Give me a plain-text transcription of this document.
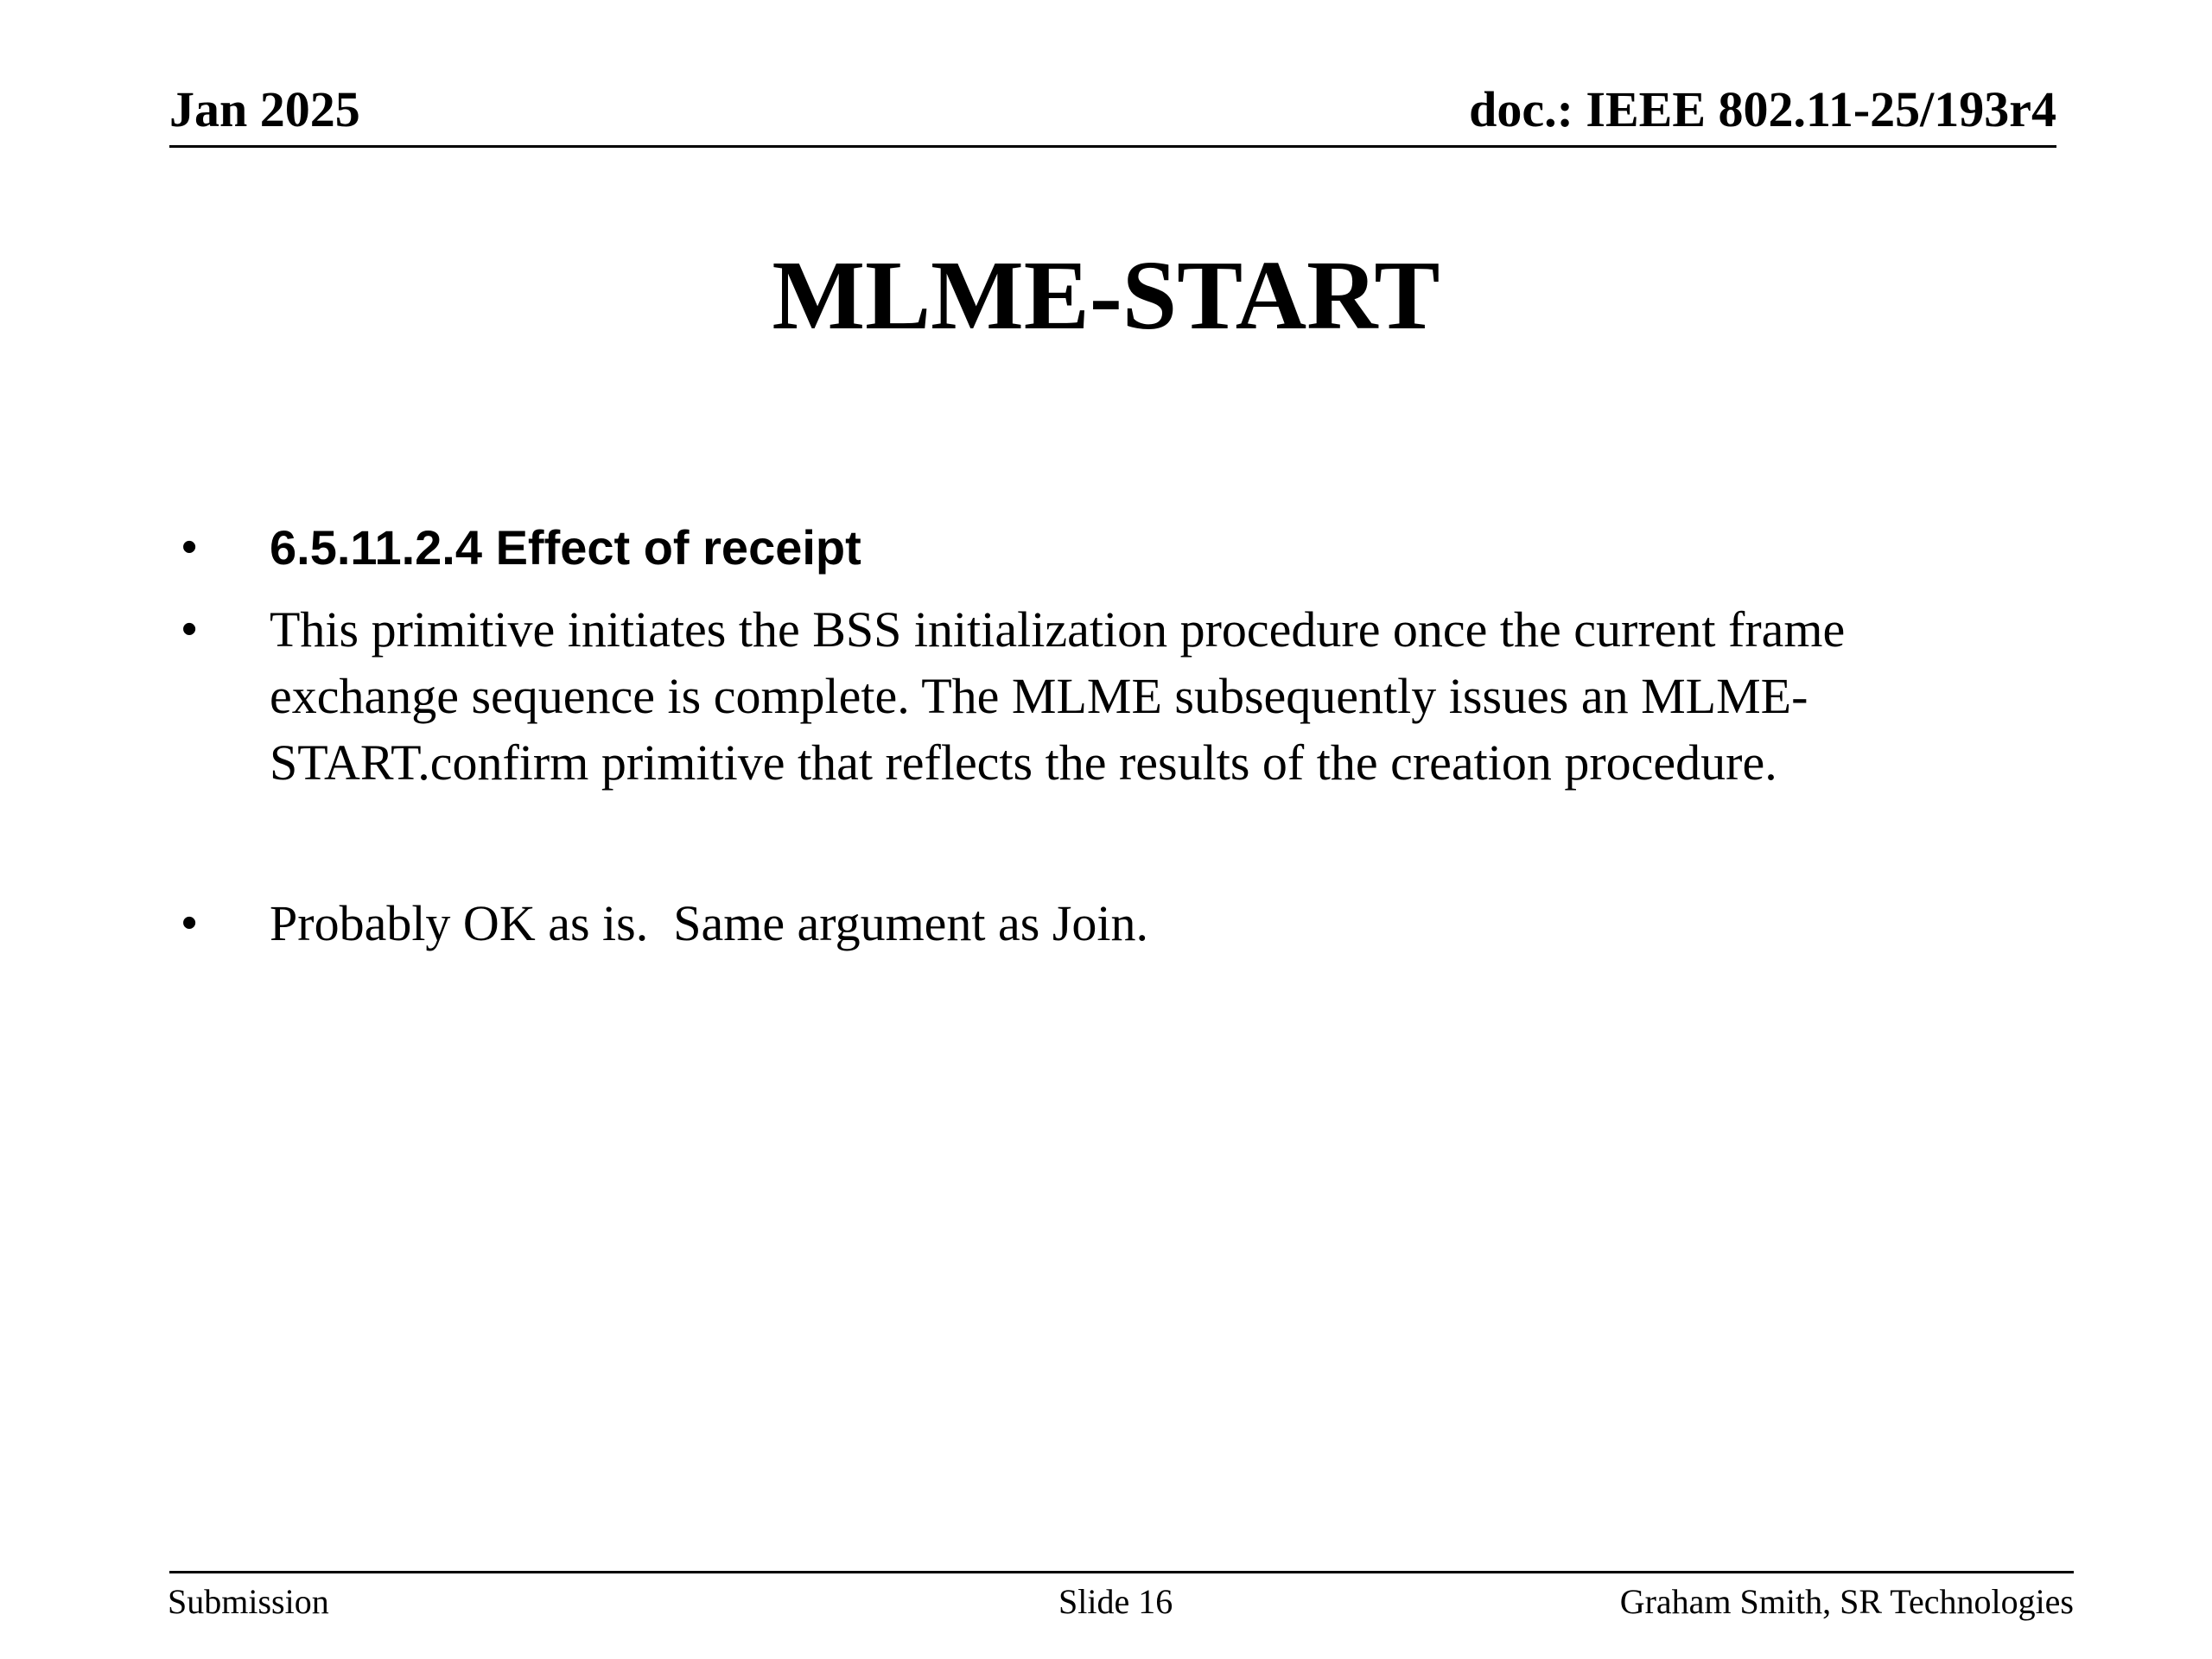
Jan 2025	doc.: IEEE 802.11-25/193r4
MLME-START
•	6.5.11.2.4 Effect of receipt
•	This primitive initiates the BSS initialization procedure once the current frame
exchange sequence is complete. The MLME subsequently issues an MLME-
START.confirm primitive that reflects the results of the creation procedure.
•	Probably OK as is.  Same argument as Join.
Submission	Slide 16	Graham Smith, SR Technologies
